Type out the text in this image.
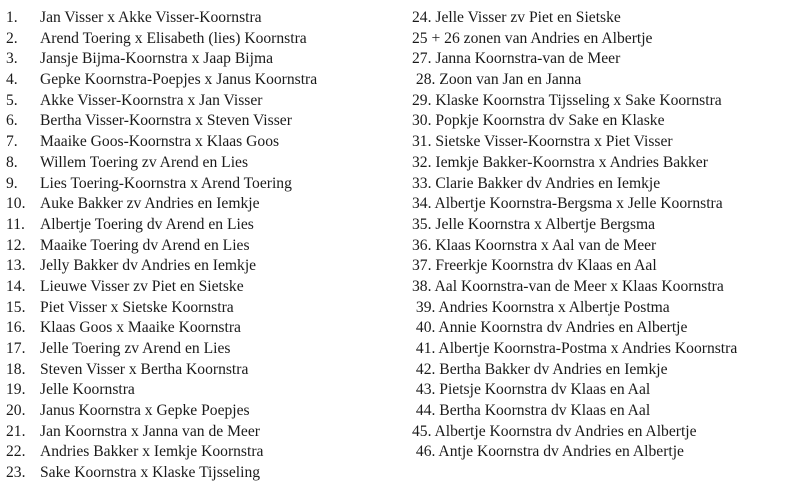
1. Jan Visser x Akke Visser-Koornstra
2. Arend Toering x Elisabeth (lies) Koornstra
3. Jansje Bijma-Koornstra x Jaap Bijma
4. Gepke Koornstra-Poepjes x Janus Koornstra
5. Akke Visser-Koornstra x Jan Visser
6. Bertha Visser-Koornstra x Steven Visser
7. Maaike Goos-Koornstra x Klaas Goos
8. Willem Toering zv Arend en Lies
9. Lies Toering-Koornstra x Arend Toering
10. Auke Bakker zv Andries en Iemkje
11. Albertje Toering dv Arend en Lies
12. Maaike Toering dv Arend en Lies
13. Jelly Bakker dv Andries en Iemkje
14. Lieuwe Visser zv Piet en Sietske
15. Piet Visser x Sietske Koornstra
16. Klaas Goos x Maaike Koornstra
17. Jelle Toering zv Arend en Lies
18. Steven Visser x Bertha Koornstra
19. Jelle Koornstra
20. Janus Koornstra x Gepke Poepjes
21. Jan Koornstra x Janna van de Meer
22. Andries Bakker x Iemkje Koornstra
23. Sake Koornstra x Klaske Tijsseling
24. Jelle Visser zv Piet en Sietske
25 + 26 zonen van Andries en Albertje
27. Janna Koornstra-van de Meer
28. Zoon van Jan en Janna
29. Klaske Koornstra Tijsseling x Sake Koornstra
30. Popkje Koornstra dv Sake en Klaske
31. Sietske Visser-Koornstra x Piet Visser
32. Iemkje Bakker-Koornstra x Andries Bakker
33. Clarie Bakker dv Andries en Iemkje
34. Albertje Koornstra-Bergsma x Jelle Koornstra
35. Jelle Koornstra x Albertje Bergsma
36. Klaas Koornstra x Aal van de Meer
37. Freerkje Koornstra dv Klaas en Aal
38. Aal Koornstra-van de Meer x Klaas Koornstra
39. Andries Koornstra x Albertje Postma
40. Annie Koornstra dv Andries en Albertje
41. Albertje Koornstra-Postma x Andries Koornstra
42. Bertha Bakker dv Andries en Iemkje
43. Pietsje Koornstra dv Klaas en Aal
44. Bertha Koornstra dv Klaas en Aal
45. Albertje Koornstra dv Andries en Albertje
46. Antje Koornstra dv Andries en Albertje
